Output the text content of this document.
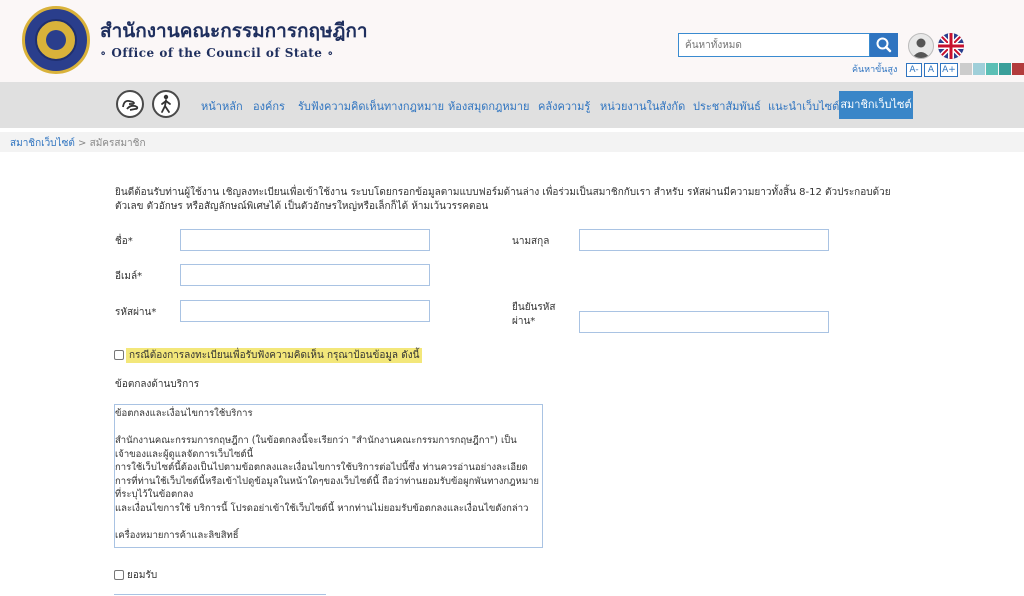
สำนักงานคณะกรรมการกฤษฎีกา
∘ Office of the Council of State ∘
ค้นหาทั้งหมด
ค้นหาขั้นสูง	A-	A A+
หน้าหลัก องค์กร รับฟังความคิดเห็นทางกฎหมาย ห้องสมุดกฎหมาย คลังความรู้ หน่วยงานในสังกัด ประชาสัมพันธ์ แนะนำเว็บไซต์ สมาชิกเว็บไซต์
สมาชิกเว็บไซต์ > สมัครสมาชิก
ยินดีต้อนรับท่านผู้ใช้งาน เชิญลงทะเบียนเพื่อเข้าใช้งาน ระบบโดยกรอกข้อมูลตามแบบฟอร์มด้านล่าง เพื่อร่วมเป็นสมาชิกกับเรา สำหรับ รหัสผ่านมีความยาวทั้งสิ้น 8-12 ตัวประกอบด้วยตัวเลข ตัวอักษร หรือสัญลักษณ์พิเศษได้ เป็นตัวอักษรใหญ่หรือเล็กก็ได้ ห้ามเว้นวรรคตอน
ชื่อ*	นามสกุล
อีเมล์*
รหัสผ่าน*	ยืนยันรหัส
ผ่าน*
กรณีต้องการลงทะเบียนเพื่อรับฟังความคิดเห็น กรุณาป้อนข้อมูล ดังนี้
ข้อตกลงด้านบริการ
ข้อตกลงและเงื่อนไขการใช้บริการ

สำนักงานคณะกรรมการกฤษฎีกา (ในข้อตกลงนี้จะเรียกว่า "สำนักงานคณะกรรมการกฤษฎีกา") เป็นเจ้าของและผู้ดูแลจัดการเว็บไซต์นี้
การใช้เว็บไซต์นี้ต้องเป็นไปตามข้อตกลงและเงื่อนไขการใช้บริการต่อไปนี้ซึ่ง ท่านควรอ่านอย่างละเอียด การที่ท่านใช้เว็บไซต์นี้หรือเข้าไปดูข้อมูลในหน้าใดๆของเว็บไซต์นี้ ถือว่าท่านยอมรับข้อผูกพันทางกฎหมายที่ระบุไว้ในข้อตกลง
และเงื่อนไขการใช้ บริการนี้ โปรดอย่าเข้าใช้เว็บไซต์นี้ หากท่านไม่ยอมรับข้อตกลงและเงื่อนไขดังกล่าว

เครื่องหมายการค้าและลิขสิทธิ์
ยอมรับ
